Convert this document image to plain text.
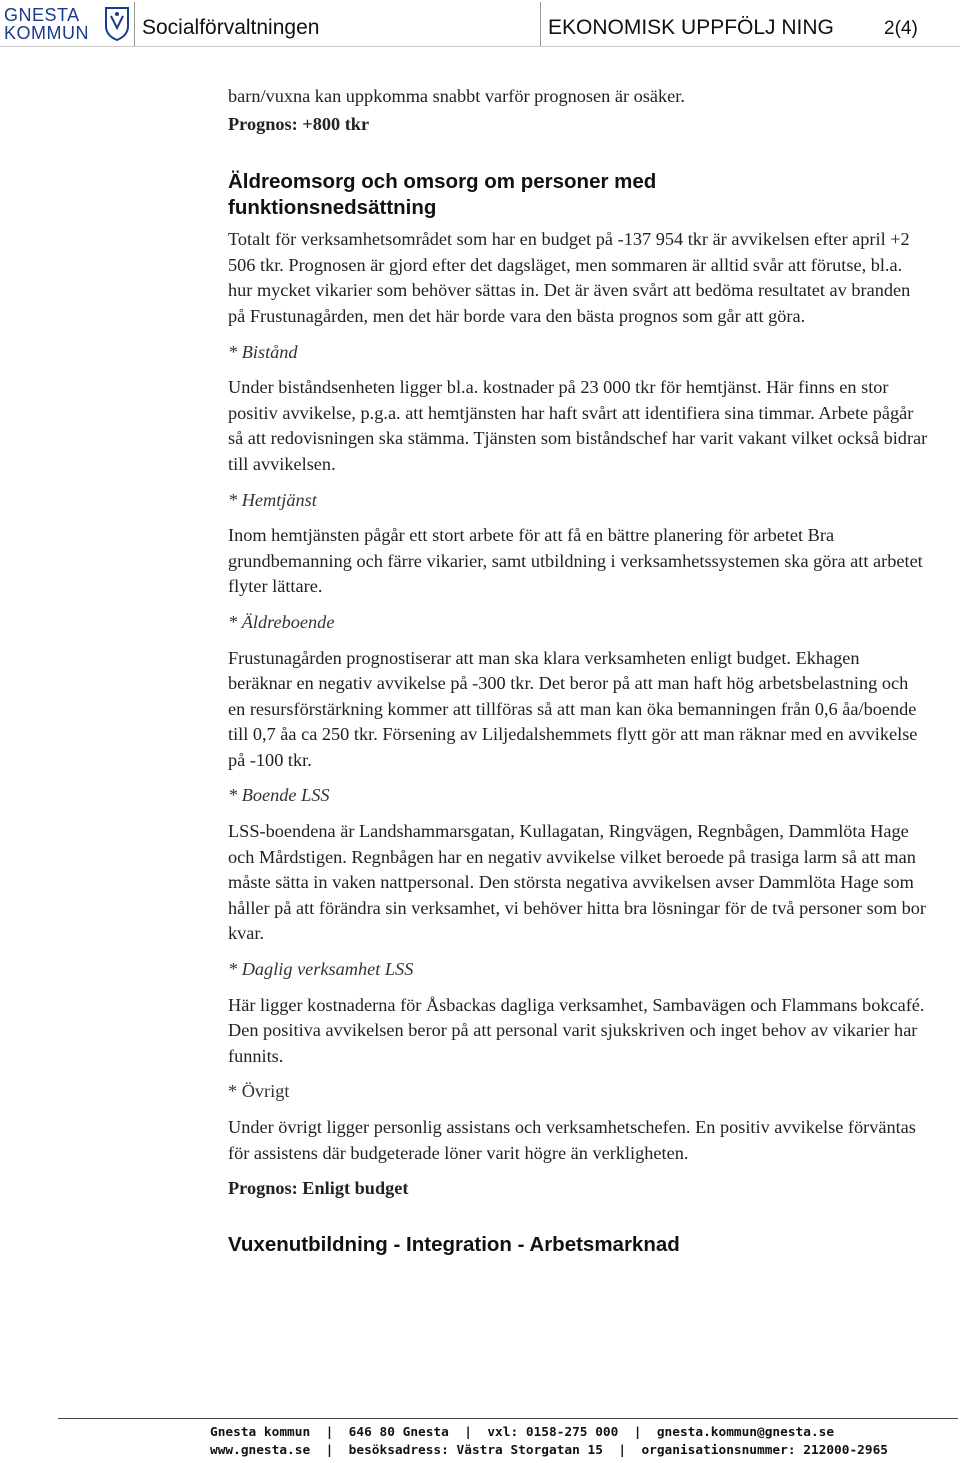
GNESTA
KOMMUN	Socialförvaltningen	EKONOMISK UPPFÖLJ NING	2(4)

barn/vuxna kan uppkomma snabbt varför prognosen är osäker.

Prognos: +800 tkr

Äldreomsorg och omsorg om personer med
funktionsnedsättning

Totalt för verksamhetsområdet som har en budget på -137 954 tkr är avvikelsen efter april +2 506 tkr. Prognosen är gjord efter det dagsläget, men sommaren är alltid svår att förutse, bl.a. hur mycket vikarier som behöver sättas in. Det är även svårt att bedöma resultatet av branden på Frustunagården, men det här borde vara den bästa prognos som går att göra.

* Bistånd

Under biståndsenheten ligger bl.a. kostnader på 23 000 tkr för hemtjänst. Här finns en stor positiv avvikelse, p.g.a. att hemtjänsten har haft svårt att identifiera sina timmar. Arbete pågår så att redovisningen ska stämma. Tjänsten som biståndschef har varit vakant vilket också bidrar till avvikelsen.

* Hemtjänst

Inom hemtjänsten pågår ett stort arbete för att få en bättre planering för arbetet Bra grundbemanning och färre vikarier, samt utbildning i verksamhetssystemen ska göra att arbetet flyter lättare.

* Äldreboende

Frustunagården prognostiserar att man ska klara verksamheten enligt budget. Ekhagen beräknar en negativ avvikelse på -300 tkr. Det beror på att man haft hög arbetsbelastning och en resursförstärkning kommer att tillföras så att man kan öka bemanningen från 0,6 åa/boende till 0,7 åa ca 250 tkr. Försening av Liljedalshemmets flytt gör att man räknar med en avvikelse på -100 tkr.

* Boende LSS

LSS-boendena är Landshammarsgatan, Kullagatan, Ringvägen, Regnbågen, Dammlöta Hage och Mårdstigen. Regnbågen har en negativ avvikelse vilket beroede på trasiga larm så att man måste sätta in vaken nattpersonal. Den största negativa avvikelsen avser Dammlöta Hage som håller på att förändra sin verksamhet, vi behöver hitta bra lösningar för de två personer som bor kvar.

* Daglig verksamhet LSS

Här ligger kostnaderna för Åsbackas dagliga verksamhet, Sambavägen och Flammans bokcafé. Den positiva avvikelsen beror på att personal varit sjukskriven och inget behov av vikarier har funnits.

* Övrigt

Under övrigt ligger personlig assistans och verksamhetschefen. En positiv avvikelse förväntas för assistens där budgeterade löner varit högre än verkligheten.

Prognos: Enligt budget

Vuxenutbildning - Integration - Arbetsmarknad
Gnesta kommun  |  646 80 Gnesta  |  vxl: 0158-275 000  |  gnesta.kommun@gnesta.se
www.gnesta.se  |  besöksadress: Västra Storgatan 15  |  organisationsnummer: 212000-2965
